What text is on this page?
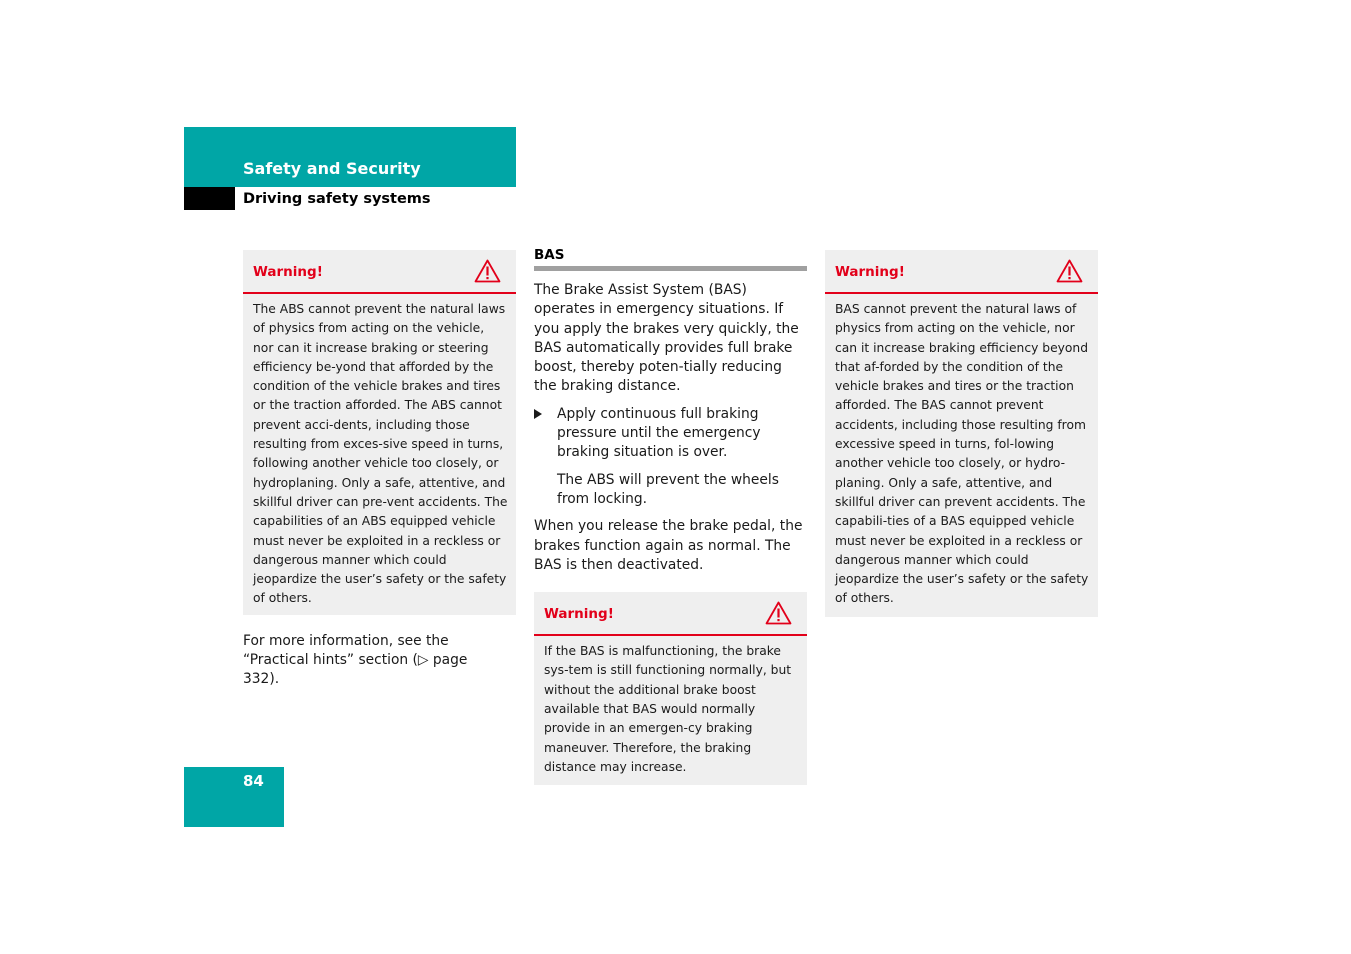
Safety and Security
Driving safety systems
Warning!
The ABS cannot prevent the natural laws of physics from acting on the vehicle, nor can it increase braking or steering efficiency be-yond that afforded by the condition of the vehicle brakes and tires or the traction afforded. The ABS cannot prevent acci-dents, including those resulting from exces-sive speed in turns, following another vehicle too closely, or hydroplaning. Only a safe, attentive, and skillful driver can pre-vent accidents. The capabilities of an ABS equipped vehicle must never be exploited in a reckless or dangerous manner which could jeopardize the user’s safety or the safety of others.

For more information, see the “Practical hints” section (▷ page 332).

BAS

The Brake Assist System (BAS) operates in emergency situations. If you apply the brakes very quickly, the BAS automatically provides full brake boost, thereby poten-tially reducing the braking distance.

Apply continuous full braking pressure until the emergency braking situation is over.

The ABS will prevent the wheels from locking.

When you release the brake pedal, the brakes function again as normal. The BAS is then deactivated.

Warning!
If the BAS is malfunctioning, the brake sys-tem is still functioning normally, but without the additional brake boost available that BAS would normally provide in an emergen-cy braking maneuver. Therefore, the braking distance may increase.
Warning!
BAS cannot prevent the natural laws of physics from acting on the vehicle, nor can it increase braking efficiency beyond that af-forded by the condition of the vehicle brakes and tires or the traction afforded. The BAS cannot prevent accidents, including those resulting from excessive speed in turns, fol-lowing another vehicle too closely, or hydro-planing. Only a safe, attentive, and skillful driver can prevent accidents. The capabili-ties of a BAS equipped vehicle must never be exploited in a reckless or dangerous manner which could jeopardize the user’s safety or the safety of others.
84
